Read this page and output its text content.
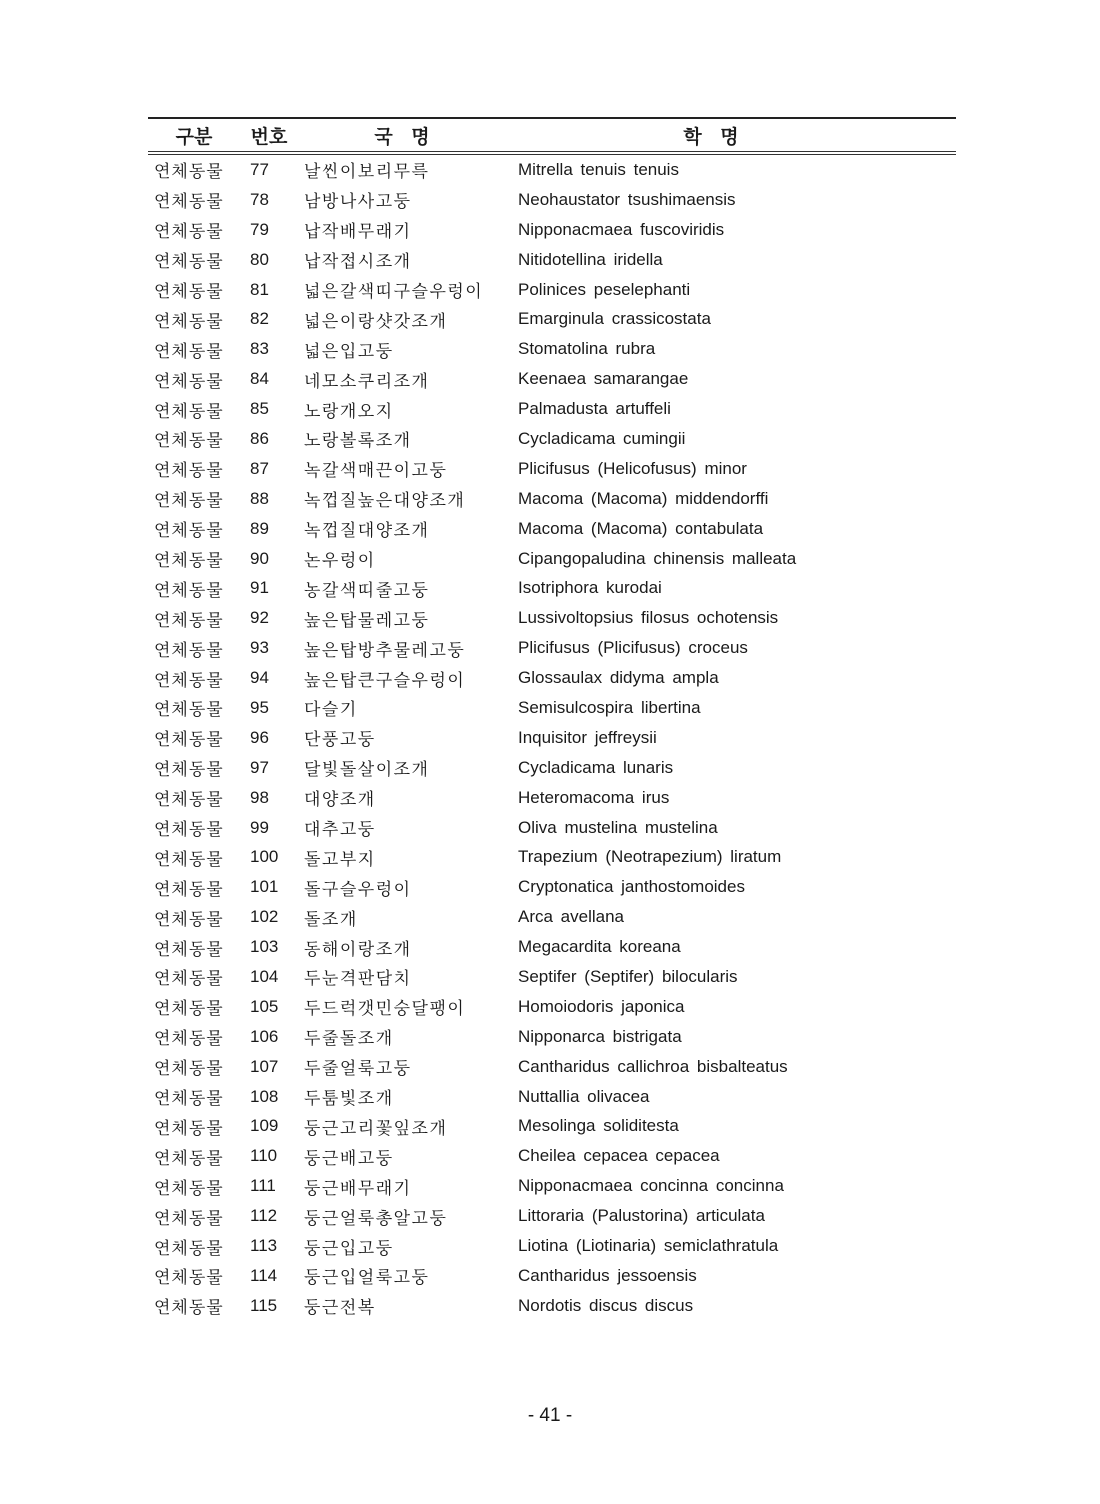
구분	번호	국 명	학 명
연체동물	77	날씬이보리무륵	Mitrella tenuis tenuis
연체동물	78	남방나사고둥	Neohaustator tsushimaensis
연체동물	79	납작배무래기	Nipponacmaea fuscoviridis
연체동물	80	납작접시조개	Nitidotellina iridella
연체동물	81	넓은갈색띠구슬우렁이	Polinices peselephanti
연체동물	82	넓은이랑샷갓조개	Emarginula crassicostata
연체동물	83	넓은입고둥	Stomatolina rubra
연체동물	84	네모소쿠리조개	Keenaea samarangae
연체동물	85	노랑개오지	Palmadusta artuffeli
연체동물	86	노랑볼록조개	Cycladicama cumingii
연체동물	87	녹갈색매끈이고둥	Plicifusus (Helicofusus) minor
연체동물	88	녹껍질높은대양조개	Macoma (Macoma) middendorffi
연체동물	89	녹껍질대양조개	Macoma (Macoma) contabulata
연체동물	90	논우렁이	Cipangopaludina chinensis malleata
연체동물	91	농갈색띠줄고둥	Isotriphora kurodai
연체동물	92	높은탑물레고둥	Lussivoltopsius filosus ochotensis
연체동물	93	높은탑방추물레고둥	Plicifusus (Plicifusus) croceus
연체동물	94	높은탑큰구슬우렁이	Glossaulax didyma ampla
연체동물	95	다슬기	Semisulcospira libertina
연체동물	96	단풍고둥	Inquisitor jeffreysii
연체동물	97	달빛돌살이조개	Cycladicama lunaris
연체동물	98	대양조개	Heteromacoma irus
연체동물	99	대추고둥	Oliva mustelina mustelina
연체동물	100	돌고부지	Trapezium (Neotrapezium) liratum
연체동물	101	돌구슬우렁이	Cryptonatica janthostomoides
연체동물	102	돌조개	Arca avellana
연체동물	103	동해이랑조개	Megacardita koreana
연체동물	104	두눈격판담치	Septifer (Septifer) bilocularis
연체동물	105	두드럭갯민숭달팽이	Homoiodoris japonica
연체동물	106	두줄돌조개	Nipponarca bistrigata
연체동물	107	두줄얼룩고둥	Cantharidus callichroa bisbalteatus
연체동물	108	두툼빛조개	Nuttallia olivacea
연체동물	109	둥근고리꽃잎조개	Mesolinga soliditesta
연체동물	110	둥근배고둥	Cheilea cepacea cepacea
연체동물	111	둥근배무래기	Nipponacmaea concinna concinna
연체동물	112	둥근얼룩총알고둥	Littoraria (Palustorina) articulata
연체동물	113	둥근입고둥	Liotina (Liotinaria) semiclathratula
연체동물	114	둥근입얼룩고둥	Cantharidus jessoensis
연체동물	115	둥근전복	Nordotis discus discus
- 41 -
